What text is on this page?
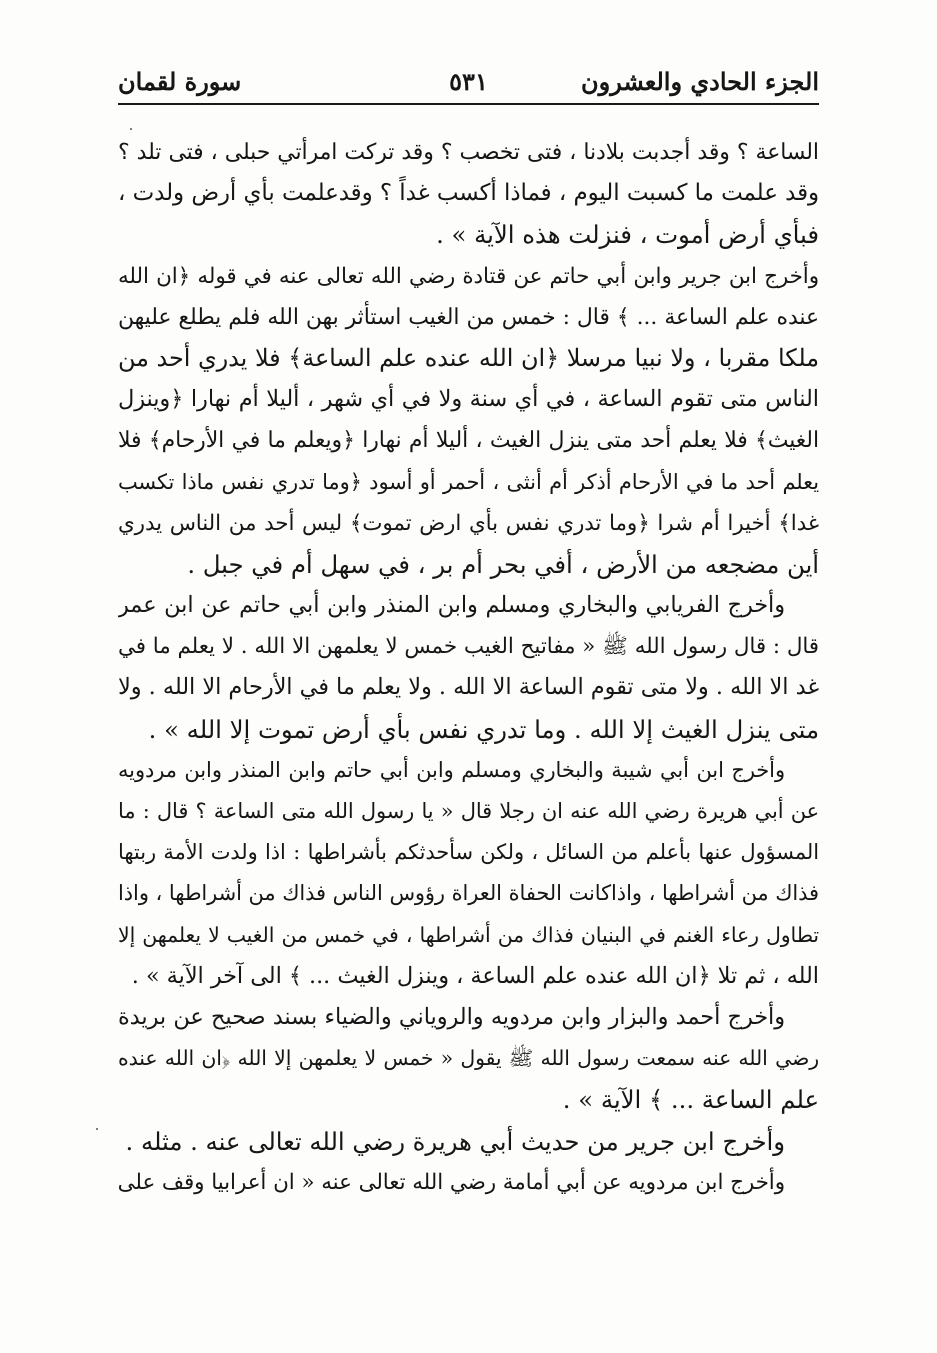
الجزء الحادي والعشرون
٥٣١
سورة لقمان
الساعة ؟ وقد أجدبت بلادنا ، فتى تخصب ؟ وقد تركت امرأتي حبلى ، فتى تلد ؟
وقد علمت ما كسبت اليوم ، فماذا أكسب غداً ؟ وقدعلمت بأي أرض ولدت ،
فبأي أرض أموت ، فنزلت هذه الآية » .
وأخرج ابن جرير وابن أبي حاتم عن قتادة رضي الله تعالى عنه في قوله ﴿ان الله
عنده علم الساعة ... ﴾ قال : خمس من الغيب استأثر بهن الله فلم يطلع عليهن
ملكا مقربا ، ولا نبيا مرسلا ﴿ان الله عنده علم الساعة﴾ فلا يدري أحد من
الناس متى تقوم الساعة ، في أي سنة ولا في أي شهر ، أليلا أم نهارا ﴿وينزل
الغيث﴾ فلا يعلم أحد متى ينزل الغيث ، أليلا أم نهارا ﴿ويعلم ما في الأرحام﴾ فلا
يعلم أحد ما في الأرحام أذكر أم أنثى ، أحمر أو أسود ﴿وما تدري نفس ماذا تكسب
غدا﴾ أخيرا أم شرا ﴿وما تدري نفس بأي ارض تموت﴾ ليس أحد من الناس يدري
أين مضجعه من الأرض ، أفي بحر أم بر ، في سهل أم في جبل .
وأخرج الفريابي والبخاري ومسلم وابن المنذر وابن أبي حاتم عن ابن عمر
قال : قال رسول الله ﷺ « مفاتيح الغيب خمس لا يعلمهن الا الله . لا يعلم ما في
غد الا الله . ولا متى تقوم الساعة الا الله . ولا يعلم ما في الأرحام الا الله . ولا
متى ينزل الغيث إلا الله . وما تدري نفس بأي أرض تموت إلا الله » .
وأخرج ابن أبي شيبة والبخاري ومسلم وابن أبي حاتم وابن المنذر وابن مردويه
عن أبي هريرة رضي الله عنه ان رجلا قال « يا رسول الله متى الساعة ؟ قال : ما
المسؤول عنها بأعلم من السائل ، ولكن سأحدثكم بأشراطها : اذا ولدت الأمة ربتها
فذاك من أشراطها ، واذاكانت الحفاة العراة رؤوس الناس فذاك من أشراطها ، واذا
تطاول رعاء الغنم في البنيان فذاك من أشراطها ، في خمس من الغيب لا يعلمهن إلا
الله ، ثم تلا ﴿ان الله عنده علم الساعة ، وينزل الغيث ... ﴾ الى آخر الآية » .
وأخرج أحمد والبزار وابن مردويه والروياني والضياء بسند صحيح عن بريدة
رضي الله عنه سمعت رسول الله ﷺ يقول « خمس لا يعلمهن إلا الله ﴿ان الله عنده
علم الساعة ... ﴾ الآية » .
وأخرج ابن جرير من حديث أبي هريرة رضي الله تعالى عنه . مثله .
وأخرج ابن مردويه عن أبي أمامة رضي الله تعالى عنه « ان أعرابيا وقف على
